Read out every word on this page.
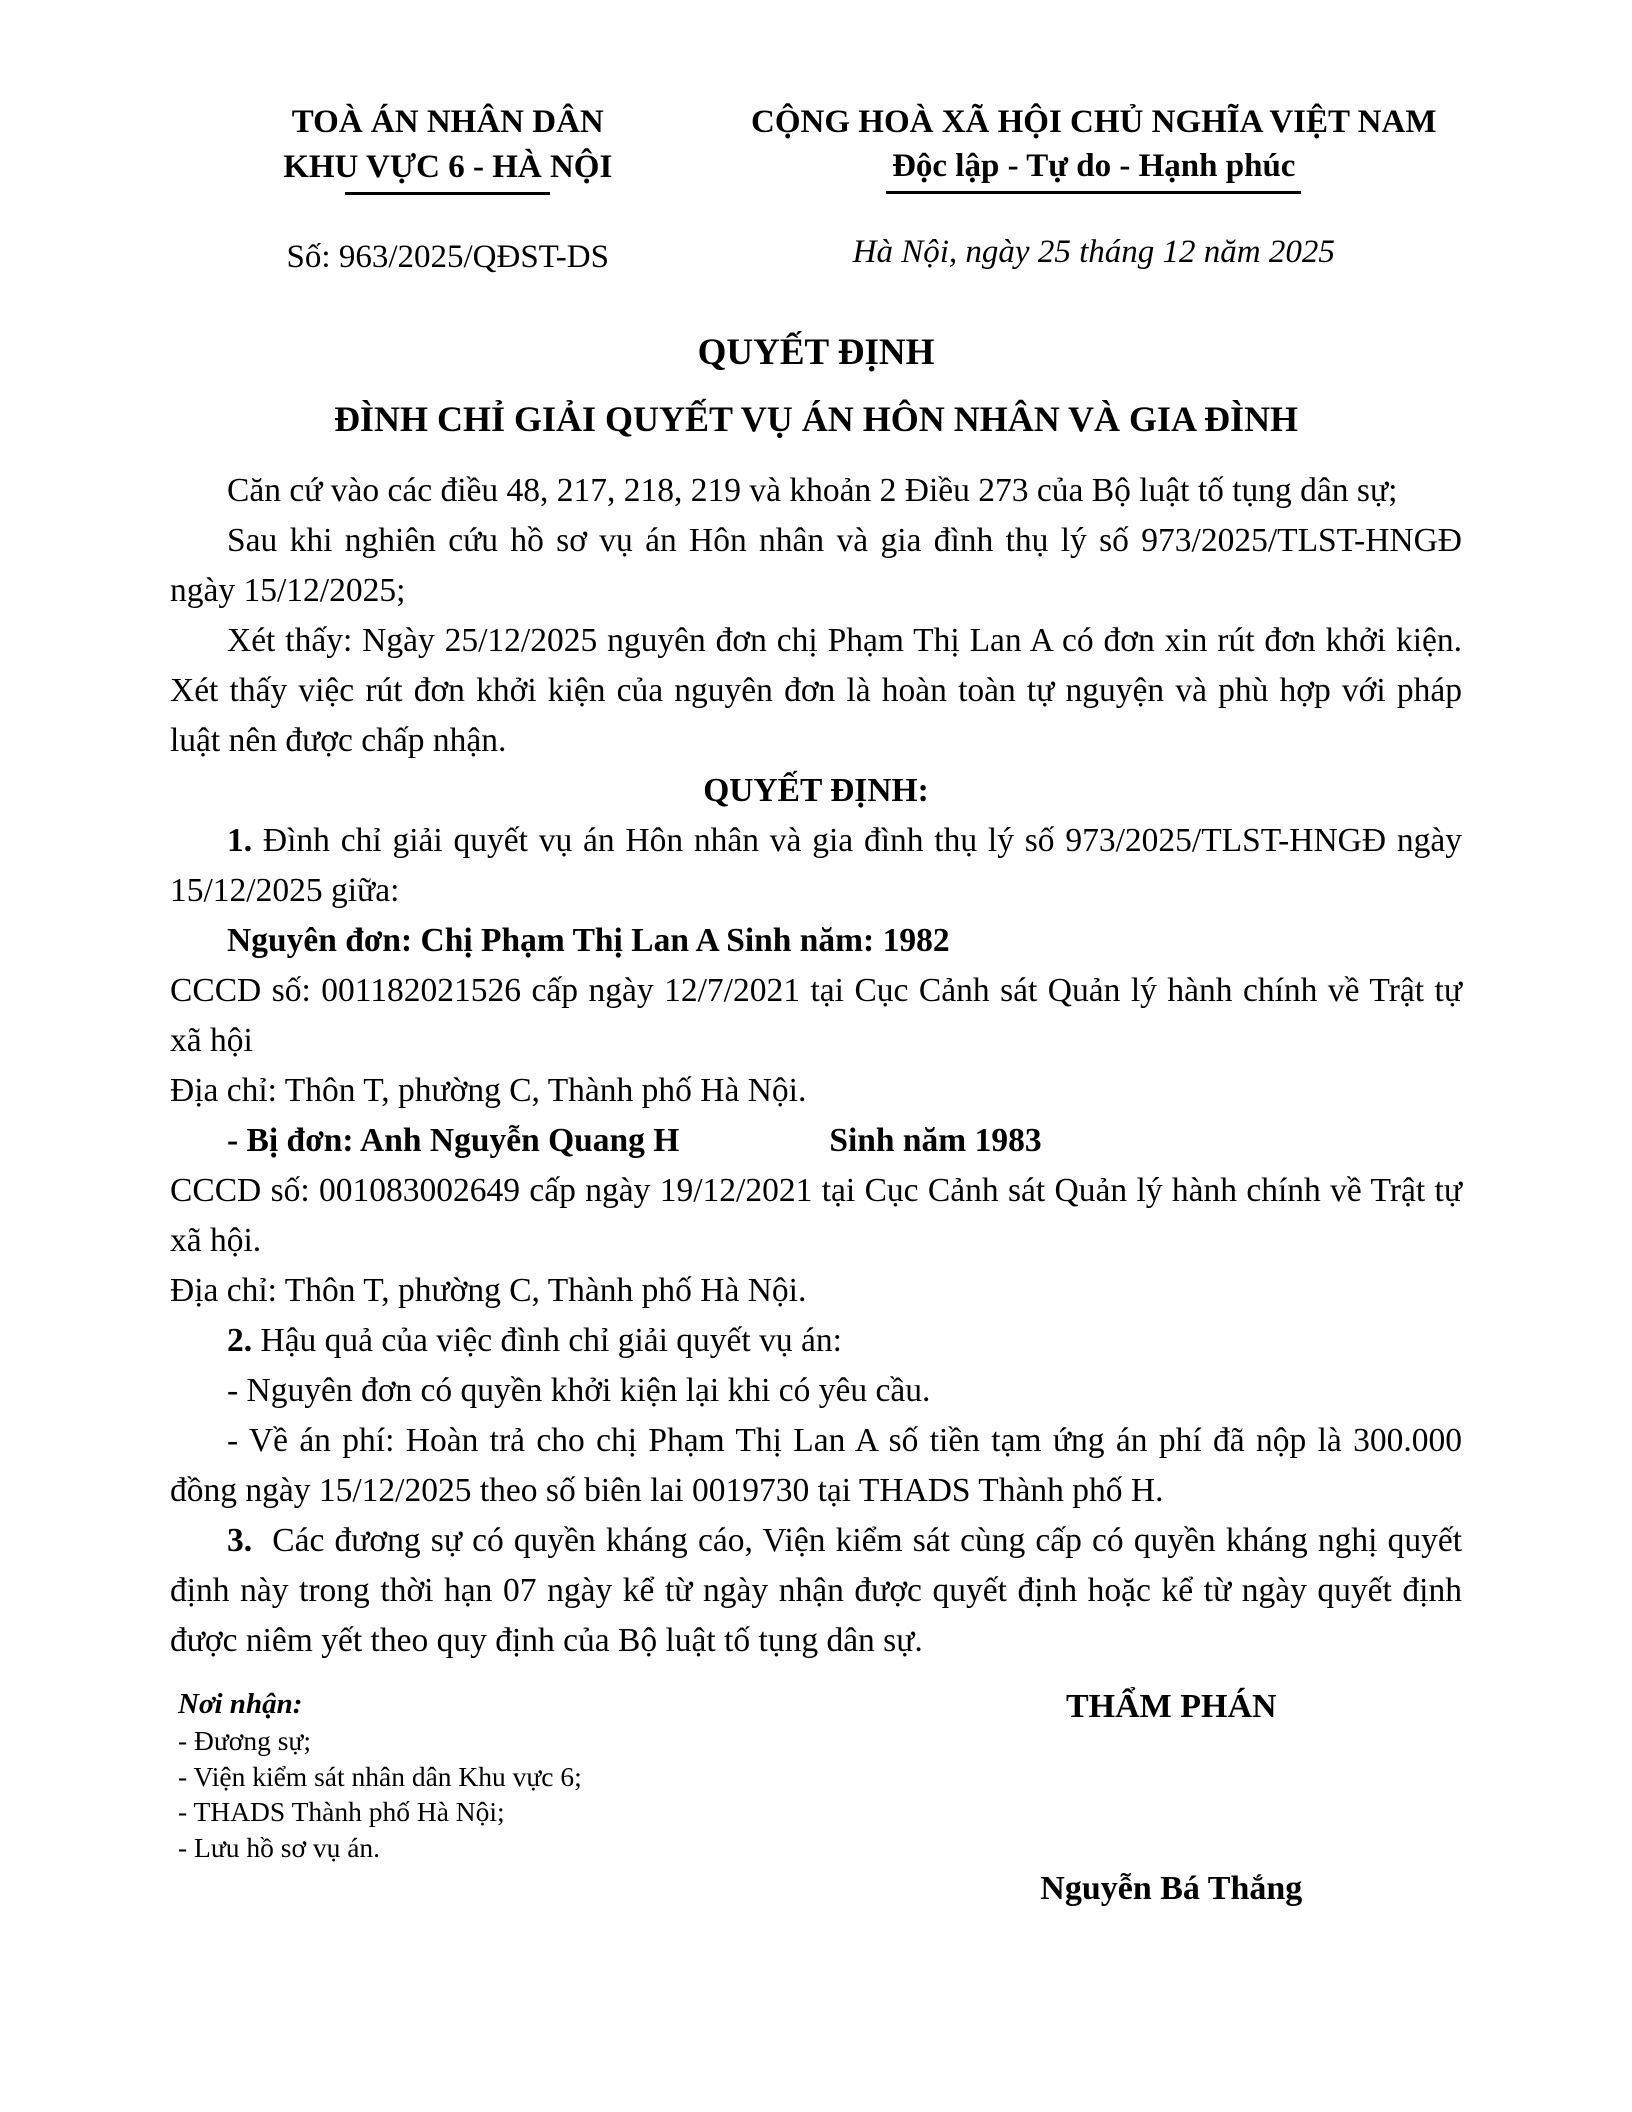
TOÀ ÁN NHÂN DÂN
KHU VỰC 6 - HÀ NỘI
Số: 963/2025/QĐST-DS
CỘNG HOÀ XÃ HỘI CHỦ NGHĨA VIỆT NAM
Độc lập - Tự do - Hạnh phúc
Hà Nội, ngày 25 tháng 12 năm 2025
QUYẾT ĐỊNH
ĐÌNH CHỈ GIẢI QUYẾT VỤ ÁN HÔN NHÂN VÀ GIA ĐÌNH

Căn cứ vào các điều 48, 217, 218, 219 và khoản 2 Điều 273 của Bộ luật tố tụng dân sự;

Sau khi nghiên cứu hồ sơ vụ án Hôn nhân và gia đình thụ lý số 973/2025/TLST-HNGĐ ngày 15/12/2025;

Xét thấy: Ngày 25/12/2025 nguyên đơn chị Phạm Thị Lan A có đơn xin rút đơn khởi kiện. Xét thấy việc rút đơn khởi kiện của nguyên đơn là hoàn toàn tự nguyện và phù hợp với pháp luật nên được chấp nhận.

QUYẾT ĐỊNH:

1. Đình chỉ giải quyết vụ án Hôn nhân và gia đình thụ lý số 973/2025/TLST-HNGĐ ngày 15/12/2025 giữa:

Nguyên đơn: Chị Phạm Thị Lan A Sinh năm: 1982

CCCD số: 001182021526 cấp ngày 12/7/2021 tại Cục Cảnh sát Quản lý hành chính về Trật tự xã hội

Địa chỉ: Thôn T, phường C, Thành phố Hà Nội.

- Bị đơn: Anh Nguyễn Quang H	Sinh năm 1983

CCCD số: 001083002649 cấp ngày 19/12/2021 tại Cục Cảnh sát Quản lý hành chính về Trật tự xã hội.

Địa chỉ: Thôn T, phường C, Thành phố Hà Nội.

2. Hậu quả của việc đình chỉ giải quyết vụ án:

- Nguyên đơn có quyền khởi kiện lại khi có yêu cầu.

- Về án phí: Hoàn trả cho chị Phạm Thị Lan A số tiền tạm ứng án phí đã nộp là 300.000 đồng ngày 15/12/2025 theo số biên lai 0019730 tại THADS Thành phố H.

3. Các đương sự có quyền kháng cáo, Viện kiểm sát cùng cấp có quyền kháng nghị quyết định này trong thời hạn 07 ngày kể từ ngày nhận được quyết định hoặc kể từ ngày quyết định được niêm yết theo quy định của Bộ luật tố tụng dân sự.

Nơi nhận:
- Đương sự;
- Viện kiểm sát nhân dân Khu vực 6;
- THADS Thành phố Hà Nội;
- Lưu hồ sơ vụ án.
THẨM PHÁN
Nguyễn Bá Thắng
